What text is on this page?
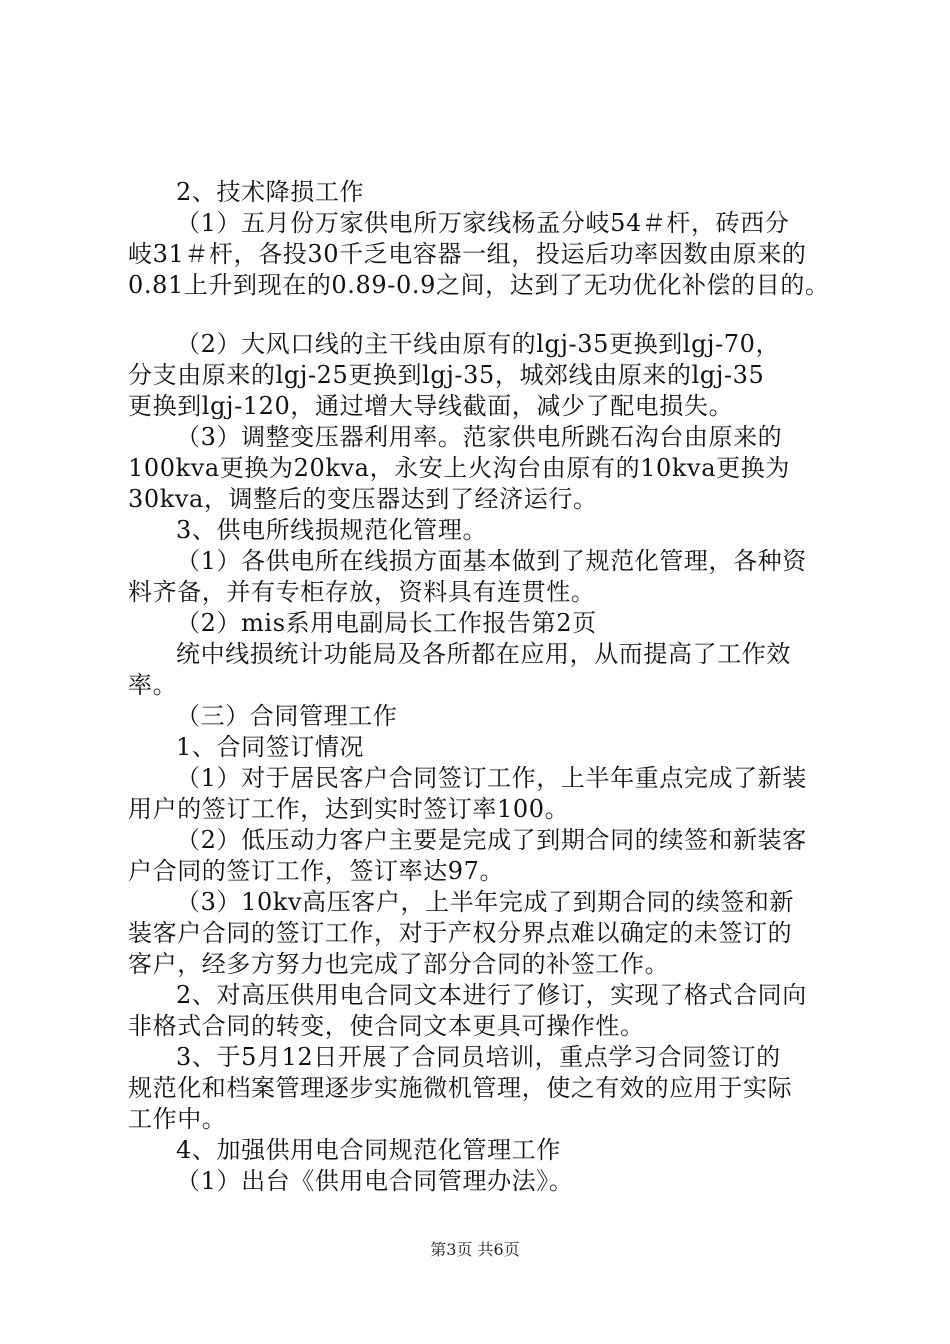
2、技术降损工作
（1）五月份万家供电所万家线杨孟分岐54＃杆，砖西分
岐31＃杆，各投30千乏电容器一组，投运后功率因数由原来的
0.81上升到现在的0.89-0.9之间，达到了无功优化补偿的目的。
（2）大风口线的主干线由原有的lgj-35更换到lgj-70，
分支由原来的lgj-25更换到lgj-35，城郊线由原来的lgj-35
更换到lgj-120，通过增大导线截面，减少了配电损失。
（3）调整变压器利用率。范家供电所跳石沟台由原来的
100kva更换为20kva，永安上火沟台由原有的10kva更换为
30kva，调整后的变压器达到了经济运行。
3、供电所线损规范化管理。
（1）各供电所在线损方面基本做到了规范化管理，各种资
料齐备，并有专柜存放，资料具有连贯性。
（2）mis系用电副局长工作报告第2页
统中线损统计功能局及各所都在应用，从而提高了工作效
率。
（三）合同管理工作
1、合同签订情况
（1）对于居民客户合同签订工作，上半年重点完成了新装
用户的签订工作，达到实时签订率100。
（2）低压动力客户主要是完成了到期合同的续签和新装客
户合同的签订工作，签订率达97。
（3）10kv高压客户，上半年完成了到期合同的续签和新
装客户合同的签订工作，对于产权分界点难以确定的未签订的
客户，经多方努力也完成了部分合同的补签工作。
2、对高压供用电合同文本进行了修订，实现了格式合同向
非格式合同的转变，使合同文本更具可操作性。
3、于5月12日开展了合同员培训，重点学习合同签订的
规范化和档案管理逐步实施微机管理，使之有效的应用于实际
工作中。
4、加强供用电合同规范化管理工作
（1）出台《供用电合同管理办法》。
第3页 共6页
